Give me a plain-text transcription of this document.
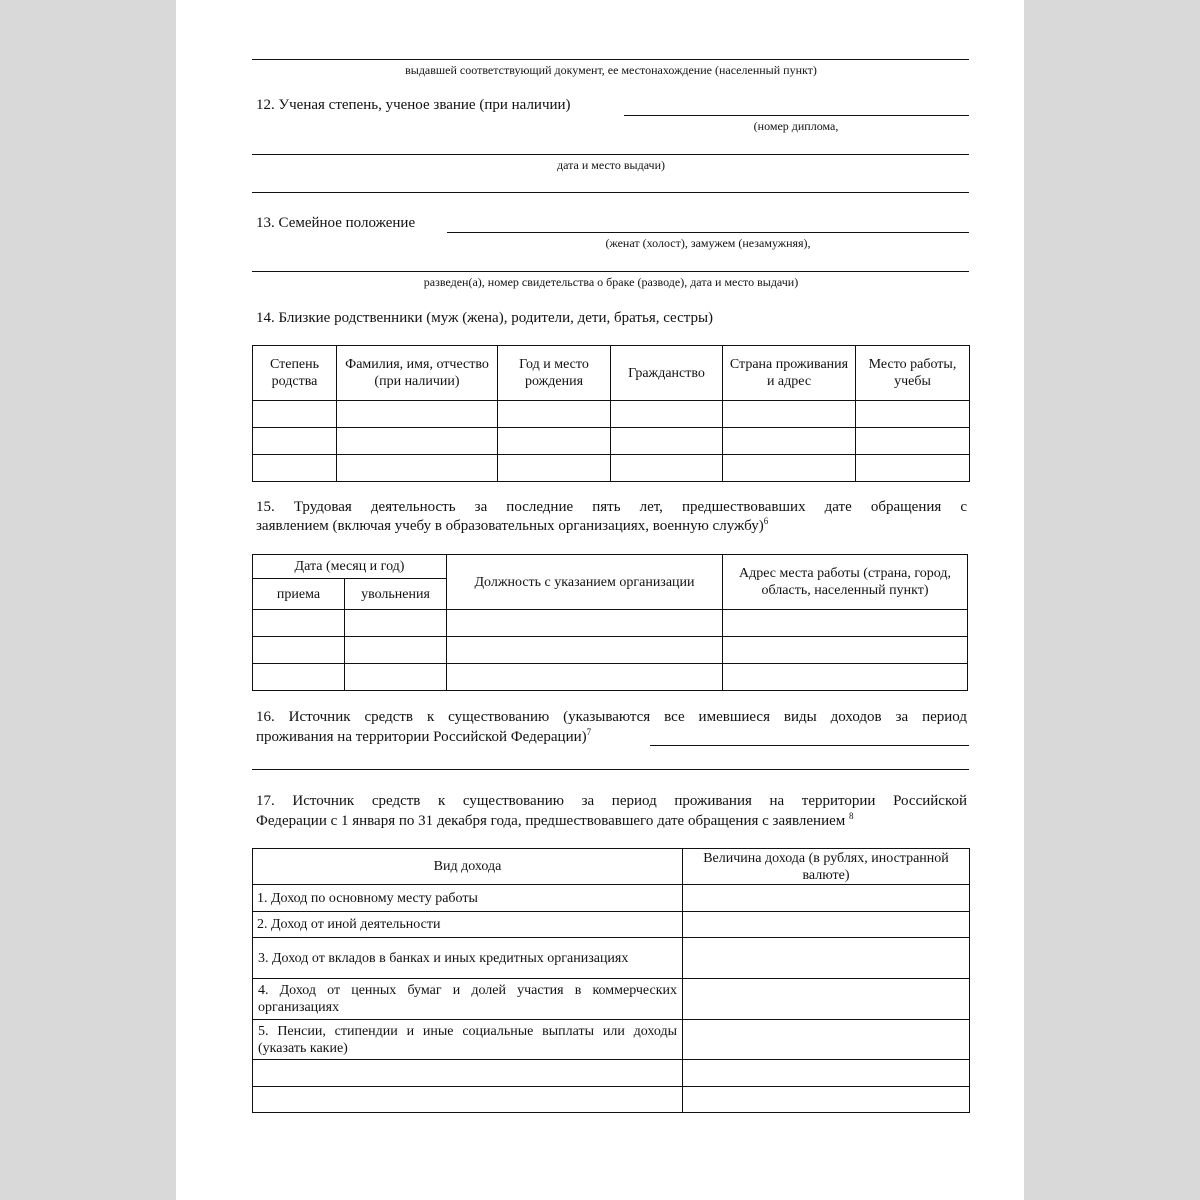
выдавшей соответствующий документ, ее местонахождение (населенный пункт)
12. Ученая степень, ученое звание (при наличии)
(номер диплома,
дата и место выдачи)
13. Семейное положение
(женат (холост), замужем (незамужняя),
разведен(а), номер свидетельства о браке (разводе), дата и место выдачи)
14. Близкие родственники (муж (жена), родители, дети, братья, сестры)
Степень родства	Фамилия, имя, отчество (при наличии)	Год и место рождения	Гражданство	Страна проживания и адрес	Место работы, учебы

15. Трудовая деятельность за последние пять лет, предшествовавших дате обращения с
заявлением (включая учебу в образовательных организациях, военную службу)$^6$
Дата (месяц и год)		Должность с указанием организации	Адрес места работы (страна, город, область, населенный пункт)
приема	увольнения		

16. Источник средств к существованию (указываются все имевшиеся виды доходов за период
проживания на территории Российской Федерации)$^7$
17. Источник средств к существованию за период проживания на территории Российской
Федерации с 1 января по 31 декабря года, предшествовавшего дате обращения с заявлением $^8$
Вид дохода	Величина дохода (в рублях, иностранной валюте)
1. Доход по основному месту работы	
2. Доход от иной деятельности	
3. Доход от вкладов в банках и иных кредитных организациях	
4. Доход от ценных бумаг и долей участия в коммерческих организациях	
5. Пенсии, стипендии и иные социальные выплаты или доходы (указать какие)	
